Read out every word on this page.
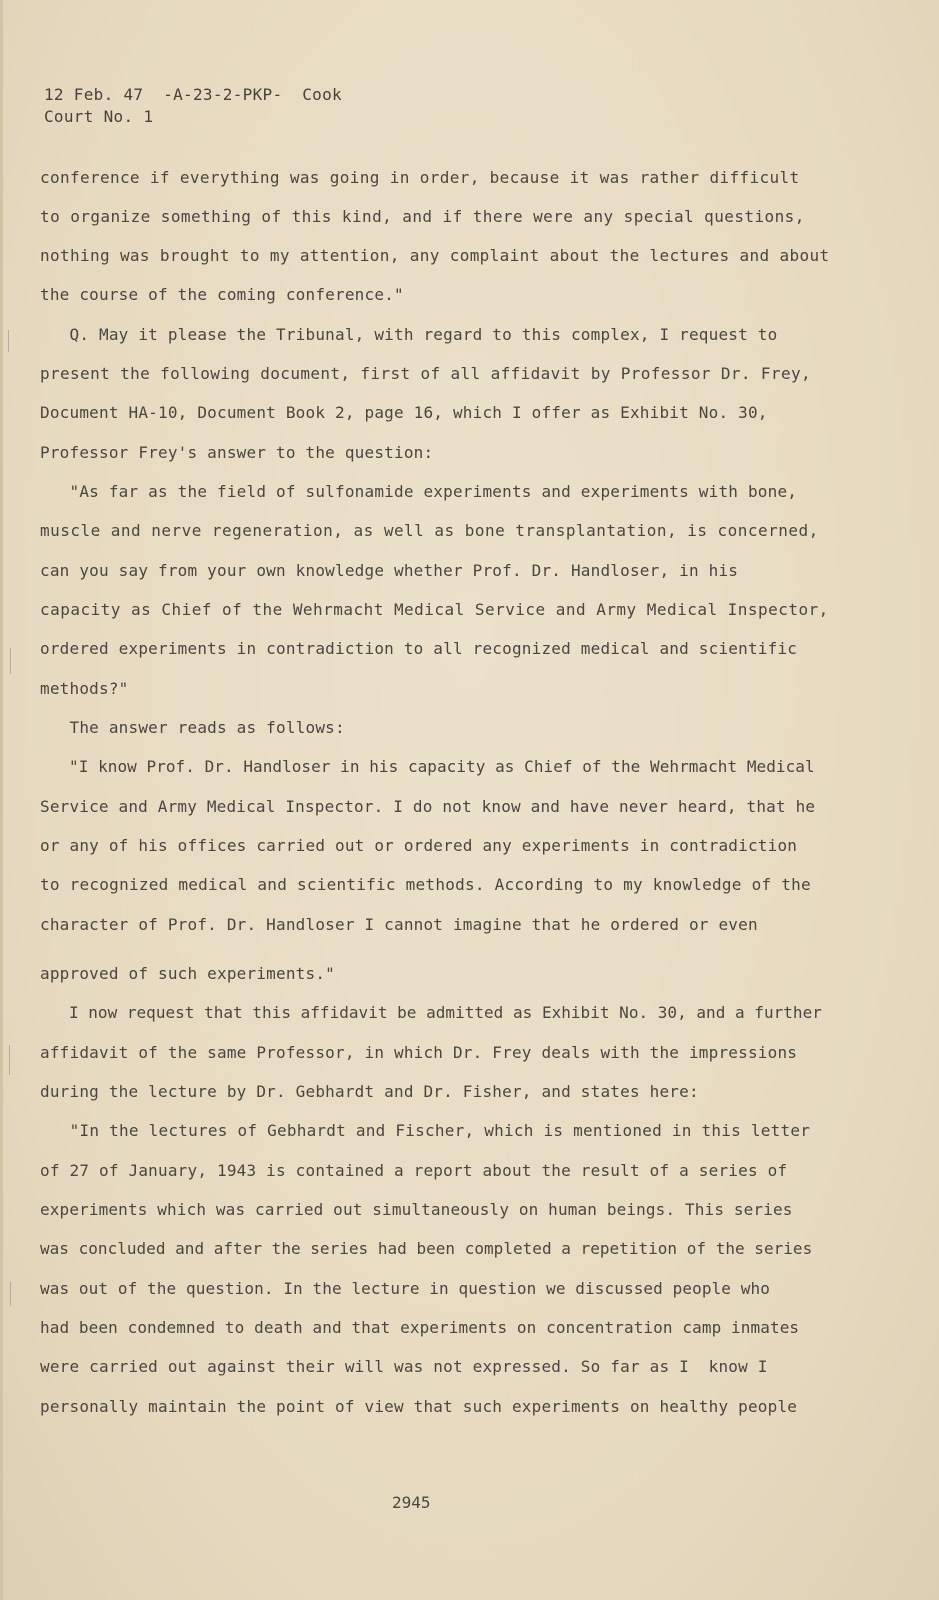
12 Feb. 47  -A-23-2-PKP-  Cook
Court No. 1
conference if everything was going in order, because it was rather difficult
to organize something of this kind, and if there were any special questions,
nothing was brought to my attention, any complaint about the lectures and about
the course of the coming conference."
Q. May it please the Tribunal, with regard to this complex, I request to
present the following document, first of all affidavit by Professor Dr. Frey,
Document HA-10, Document Book 2, page 16, which I offer as Exhibit No. 30,
Professor Frey's answer to the question:
"As far as the field of sulfonamide experiments and experiments with bone,
muscle and nerve regeneration, as well as bone transplantation, is concerned,
can you say from your own knowledge whether Prof. Dr. Handloser, in his
capacity as Chief of the Wehrmacht Medical Service and Army Medical Inspector,
ordered experiments in contradiction to all recognized medical and scientific
methods?"
The answer reads as follows:
"I know Prof. Dr. Handloser in his capacity as Chief of the Wehrmacht Medical
Service and Army Medical Inspector. I do not know and have never heard, that he
or any of his offices carried out or ordered any experiments in contradiction
to recognized medical and scientific methods. According to my knowledge of the
character of Prof. Dr. Handloser I cannot imagine that he ordered or even
approved of such experiments."
I now request that this affidavit be admitted as Exhibit No. 30, and a further
affidavit of the same Professor, in which Dr. Frey deals with the impressions
during the lecture by Dr. Gebhardt and Dr. Fisher, and states here:
"In the lectures of Gebhardt and Fischer, which is mentioned in this letter
of 27 of January, 1943 is contained a report about the result of a series of
experiments which was carried out simultaneously on human beings. This series
was concluded and after the series had been completed a repetition of the series
was out of the question. In the lecture in question we discussed people who
had been condemned to death and that experiments on concentration camp inmates
were carried out against their will was not expressed. So far as I  know I
personally maintain the point of view that such experiments on healthy people
2945
